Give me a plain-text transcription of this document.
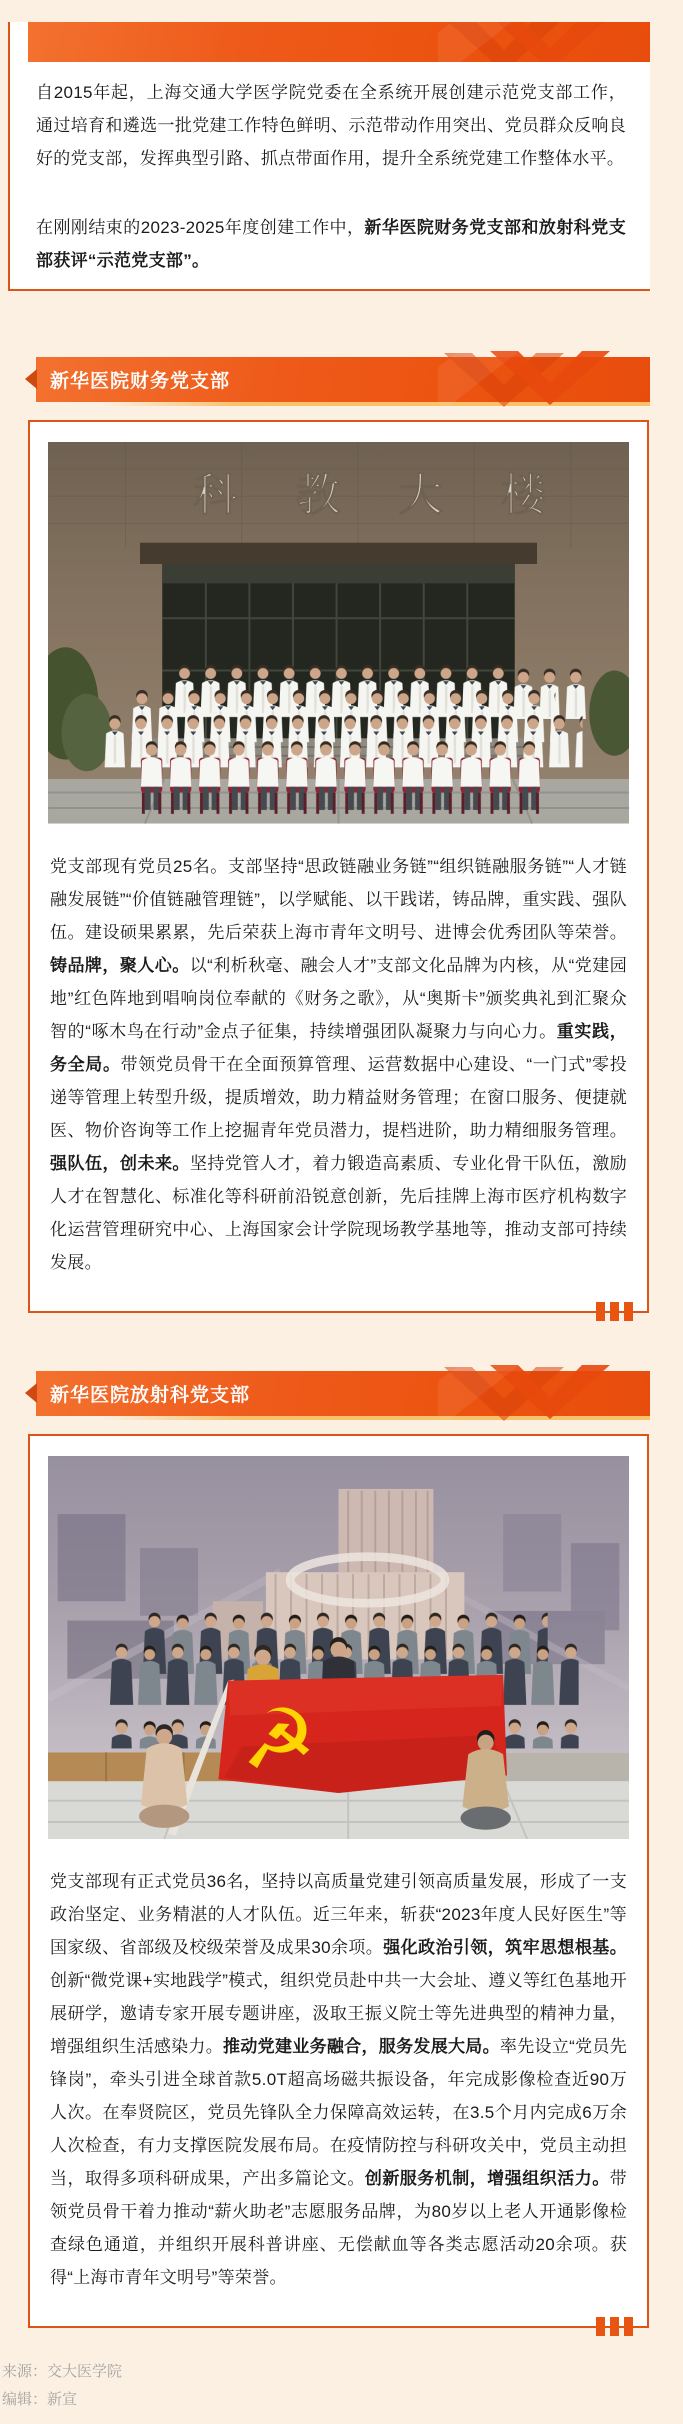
自2015年起，上海交通大学医学院党委在全系统开展创建示范党支部工作，通过培育和遴选一批党建工作特色鲜明、示范带动作用突出、党员群众反响良好的党支部，发挥典型引路、抓点带面作用，提升全系统党建工作整体水平。

在刚刚结束的2023-2025年度创建工作中，新华医院财务党支部和放射科党支部获评“示范党支部”。

新华医院财务党支部
科教大楼

党支部现有党员25名。支部坚持“思政链融业务链”“组织链融服务链”“人才链融发展链”“价值链融管理链”，以学赋能、以干践诺，铸品牌，重实践、强队伍。建设硕果累累，先后荣获上海市青年文明号、进博会优秀团队等荣誉。铸品牌，聚人心。以“利析秋毫、融会人才”支部文化品牌为内核，从“党建园地”红色阵地到唱响岗位奉献的《财务之歌》，从“奥斯卡”颁奖典礼到汇聚众智的“啄木鸟在行动”金点子征集，持续增强团队凝聚力与向心力。重实践，务全局。带领党员骨干在全面预算管理、运营数据中心建设、“一门式”零投递等管理上转型升级，提质增效，助力精益财务管理；在窗口服务、便捷就医、物价咨询等工作上挖掘青年党员潜力，提档进阶，助力精细服务管理。强队伍，创未来。坚持党管人才，着力锻造高素质、专业化骨干队伍，激励人才在智慧化、标准化等科研前沿锐意创新，先后挂牌上海市医疗机构数字化运营管理研究中心、上海国家会计学院现场教学基地等，推动支部可持续发展。

新华医院放射科党支部
☭

党支部现有正式党员36名，坚持以高质量党建引领高质量发展，形成了一支政治坚定、业务精湛的人才队伍。近三年来，斩获“2023年度人民好医生”等国家级、省部级及校级荣誉及成果30余项。强化政治引领，筑牢思想根基。创新“微党课+实地践学”模式，组织党员赴中共一大会址、遵义等红色基地开展研学，邀请专家开展专题讲座，汲取王振义院士等先进典型的精神力量，增强组织生活感染力。推动党建业务融合，服务发展大局。率先设立“党员先锋岗”，牵头引进全球首款5.0T超高场磁共振设备，年完成影像检查近90万人次。在奉贤院区，党员先锋队全力保障高效运转，在3.5个月内完成6万余人次检查，有力支撑医院发展布局。在疫情防控与科研攻关中，党员主动担当，取得多项科研成果，产出多篇论文。创新服务机制，增强组织活力。带领党员骨干着力推动“薪火助老”志愿服务品牌，为80岁以上老人开通影像检查绿色通道，并组织开展科普讲座、无偿献血等各类志愿活动20余项。获得“上海市青年文明号”等荣誉。

来源：交大医学院
编辑：新宣
